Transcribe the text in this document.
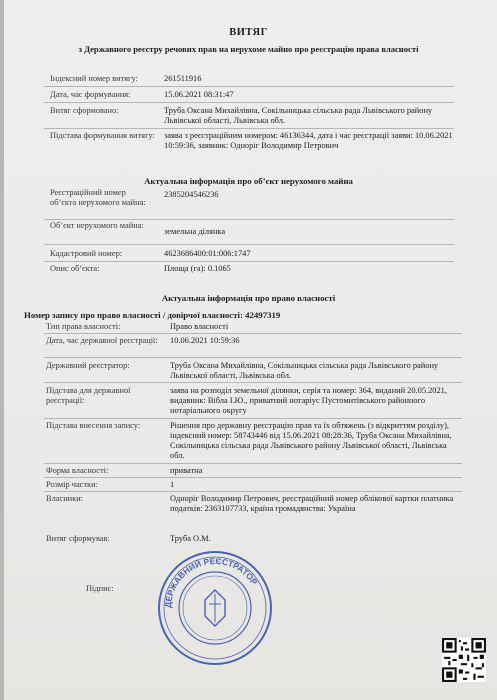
ВИТЯГ
з Державного реєстру речових прав на нерухоме майно про реєстрацію права власності
Індексний номер витягу:	261511916
Дата, час формування:	15.06.2021 08:31:47
Витяг сформовано:	Труба Оксана Михайлівна, Сокільницька сільська рада Львівського району Львівської області, Львівська обл.
Підстава формування витягу:	заява з реєстраційним номером: 46136344, дата і час реєстрації заяви: 10.06.2021 10:59:36, заявник: Одноріг Володимир Петрович
Актуальна інформація про об’єкт нерухомого майна
Реєстраційний номер об’єкта нерухомого майна:
2385204546236
Об’єкт нерухомого майна:
земельна ділянка
Кадастровий номер:	4623686400:01:006:1747
Опис об’єкта:	Площа (га): 0.1065
Актуальна інформація про право власності
Номер запису про право власності / довірчої власності: 42497319
Тип права власності:	Право власності
Дата, час державної реєстрації:	10.06.2021 10:59:36
Державний реєстратор:	Труба Оксана Михайлівна, Сокільницька сільська рада Львівського району Львівської області, Львівська обл.
Підстава для державної реєстрації:
заява на розподіл земельної ділянки, серія та номер: 364, виданий 20.05.2021, видавник: Вібла І.Ю., приватний нотаріус Пустомитівського районного нотаріального округу
Підстава внесення запису:	Рішення про державну реєстрацію прав та їх обтяжень (з відкриттям розділу), індексний номер: 58743446 від 15.06.2021 08:28:36, Труба Оксана Михайлівна, Сокільницька сільська рада Львівського району Львівської області, Львівська обл.
Форма власності:	приватна
Розмір частки:	1
Власники:	Одноріг Володимир Петрович, реєстраційний номер облікової картки платника податків: 2363107733, країна громадянства: Україна
Витяг сформував:	Труба О.М.
Підпис:
ДЕРЖАВНИЙ РЕЄСТРАТОР
